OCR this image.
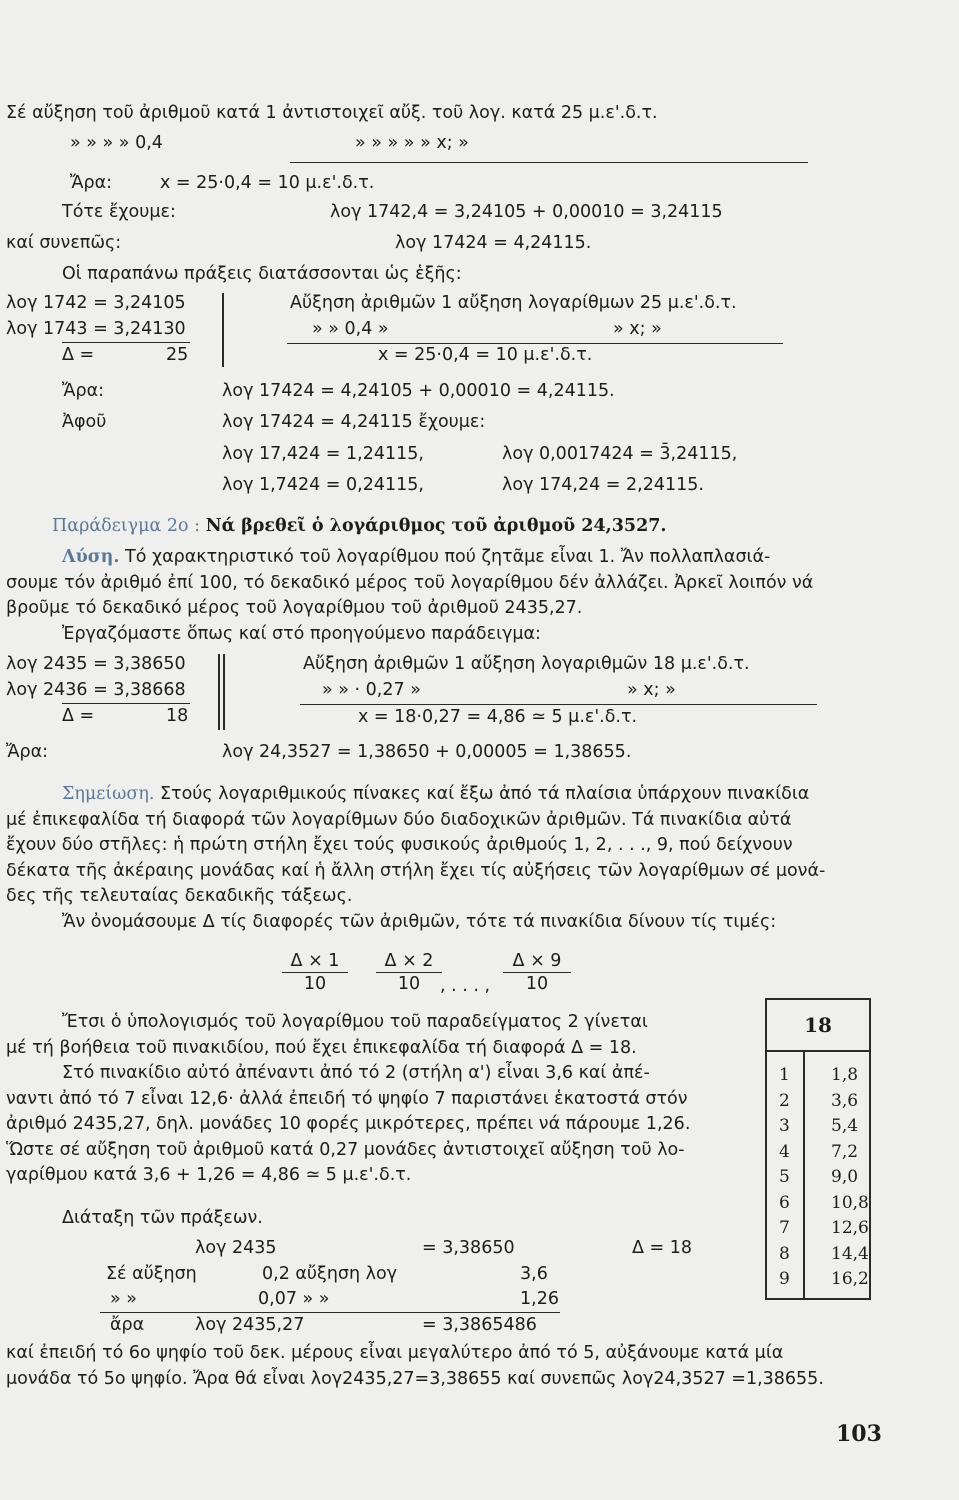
Σέ αὔξηση τοῦ ἀριθμοῦ κατά 1 ἀντιστοιχεῖ αὔξ. τοῦ λογ. κατά 25 μ.ε'.δ.τ.
» » » » 0,4	» » » » » x; »
Ἄρα:	x = 25·0,4 = 10 μ.ε'.δ.τ.
Τότε ἔχουμε:	λογ 1742,4 = 3,24105 + 0,00010 = 3,24115
καί συνεπῶς:	λογ 17424 = 4,24115.
Οἱ παραπάνω πράξεις διατάσσονται ὡς ἑξῆς:
λογ 1742 = 3,24105
λογ 1743 = 3,24130
Δ =	25
Αὔξηση ἀριθμῶν 1 αὔξηση λογαρίθμων 25 μ.ε'.δ.τ.
» » 0,4 »	» x; »
x = 25·0,4 = 10 μ.ε'.δ.τ.
Ἄρα:	λογ 17424 = 4,24105 + 0,00010 = 4,24115.
Ἀφοῦ	λογ 17424 = 4,24115 ἔχουμε:
λογ 17,424 = 1,24115,	λογ 0,0017424 = 3̄,24115,
λογ 1,7424 = 0,24115,	λογ 174,24 = 2,24115.
Παράδειγμα 2ο : Νά βρεθεῖ ὁ λογάριθμος τοῦ ἀριθμοῦ 24,3527.

Λύση. Τό χαρακτηριστικό τοῦ λογαρίθμου πού ζητᾶμε εἶναι 1. Ἄν πολλαπλασιά-

σουμε τόν ἀριθμό ἐπί 100, τό δεκαδικό μέρος τοῦ λογαρίθμου δέν ἀλλάζει. Ἀρκεῖ λοιπόν νά

βροῦμε τό δεκαδικό μέρος τοῦ λογαρίθμου τοῦ ἀριθμοῦ 2435,27.

Ἐργαζόμαστε ὅπως καί στό προηγούμενο παράδειγμα:

λογ 2435 = 3,38650
λογ 2436 = 3,38668
Δ =	18
Αὔξηση ἀριθμῶν 1 αὔξηση λογαριθμῶν 18 μ.ε'.δ.τ.
» » · 0,27 »	» x; »
x = 18·0,27 = 4,86 ≃ 5 μ.ε'.δ.τ.
Ἄρα:	λογ 24,3527 = 1,38650 + 0,00005 = 1,38655.

Σημείωση. Στούς λογαριθμικούς πίνακες καί ἔξω ἀπό τά πλαίσια ὑπάρχουν πινακίδια

μέ ἐπικεφαλίδα τή διαφορά τῶν λογαρίθμων δύο διαδοχικῶν ἀριθμῶν. Τά πινακίδια αὐτά

ἔχουν δύο στῆλες: ἡ πρώτη στήλη ἔχει τούς φυσικούς ἀριθμούς 1, 2, . . ., 9, πού δείχνουν

δέκατα τῆς ἀκέραιης μονάδας καί ἡ ἄλλη στήλη ἔχει τίς αὐξήσεις τῶν λογαρίθμων σέ μονά-

δες τῆς τελευταίας δεκαδικῆς τάξεως.

Ἄν ὀνομάσουμε Δ τίς διαφορές τῶν ἀριθμῶν, τότε τά πινακίδια δίνουν τίς τιμές:

$\frac{\Delta \times 1}{10} \frac{\Delta \times 2}{10}$
, . . . , $\frac{\Delta \times 9}{10}$

Ἔτσι ὁ ὑπολογισμός τοῦ λογαρίθμου τοῦ παραδείγματος 2 γίνεται

μέ τή βοήθεια τοῦ πινακιδίου, πού ἔχει ἐπικεφαλίδα τή διαφορά Δ = 18.

Στό πινακίδιο αὐτό ἀπέναντι ἀπό τό 2 (στήλη α') εἶναι 3,6 καί ἀπέ-

ναντι ἀπό τό 7 εἶναι 12,6· ἀλλά ἐπειδή τό ψηφίο 7 παριστάνει ἑκατοστά στόν

ἀριθμό 2435,27, δηλ. μονάδες 10 φορές μικρότερες, πρέπει νά πάρουμε 1,26.

Ὥστε σέ αὔξηση τοῦ ἀριθμοῦ κατά 0,27 μονάδες ἀντιστοιχεῖ αὔξηση τοῦ λο-

γαρίθμου κατά 3,6 + 1,26 = 4,86 ≃ 5 μ.ε'.δ.τ.

18
1 1,8
2 3,6
3 5,4
4 7,2
5 9,0
6 10,8
7 12,6
8 14,4
9 16,2
Διάταξη τῶν πράξεων.
λογ 2435	= 3,38650	Δ = 18
Σέ αὔξηση	0,2 αὔξηση λογ	3,6
» »	0,07 » »	1,26
ἄρα	λογ 2435,27	= 3,3865486

καί ἐπειδή τό 6ο ψηφίο τοῦ δεκ. μέρους εἶναι μεγαλύτερο ἀπό τό 5, αὐξάνουμε κατά μία

μονάδα τό 5ο ψηφίο. Ἄρα θά εἶναι λογ2435,27=3,38655 καί συνεπῶς λογ24,3527 =1,38655.

103
